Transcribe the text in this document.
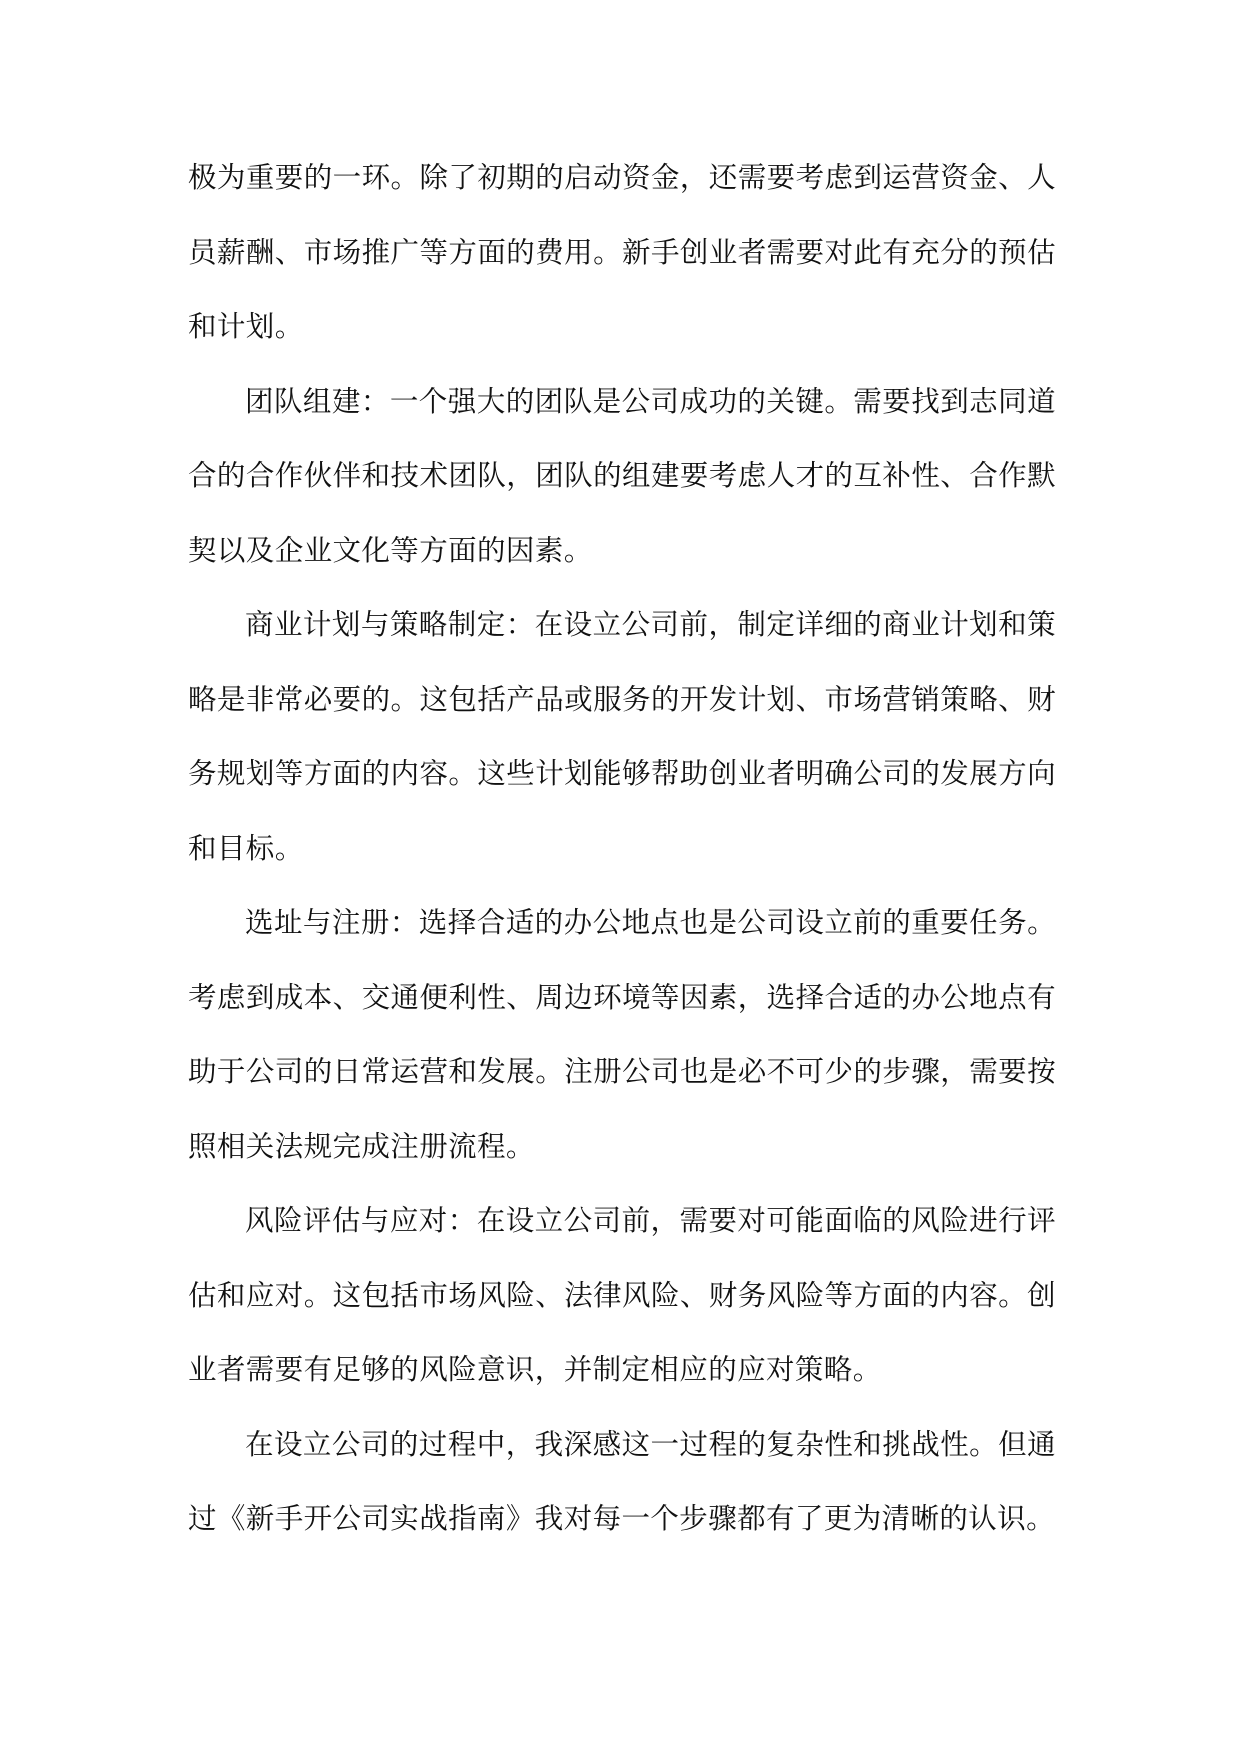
极为重要的一环。除了初期的启动资金，还需要考虑到运营资金、人员薪酬、市场推广等方面的费用。新手创业者需要对此有充分的预估和计划。

团队组建：一个强大的团队是公司成功的关键。需要找到志同道合的合作伙伴和技术团队，团队的组建要考虑人才的互补性、合作默契以及企业文化等方面的因素。

商业计划与策略制定：在设立公司前，制定详细的商业计划和策略是非常必要的。这包括产品或服务的开发计划、市场营销策略、财务规划等方面的内容。这些计划能够帮助创业者明确公司的发展方向和目标。

选址与注册：选择合适的办公地点也是公司设立前的重要任务。考虑到成本、交通便利性、周边环境等因素，选择合适的办公地点有助于公司的日常运营和发展。注册公司也是必不可少的步骤，需要按照相关法规完成注册流程。

风险评估与应对：在设立公司前，需要对可能面临的风险进行评估和应对。这包括市场风险、法律风险、财务风险等方面的内容。创业者需要有足够的风险意识，并制定相应的应对策略。

在设立公司的过程中，我深感这一过程的复杂性和挑战性。但通过《新手开公司实战指南》我对每一个步骤都有了更为清晰的认识。
